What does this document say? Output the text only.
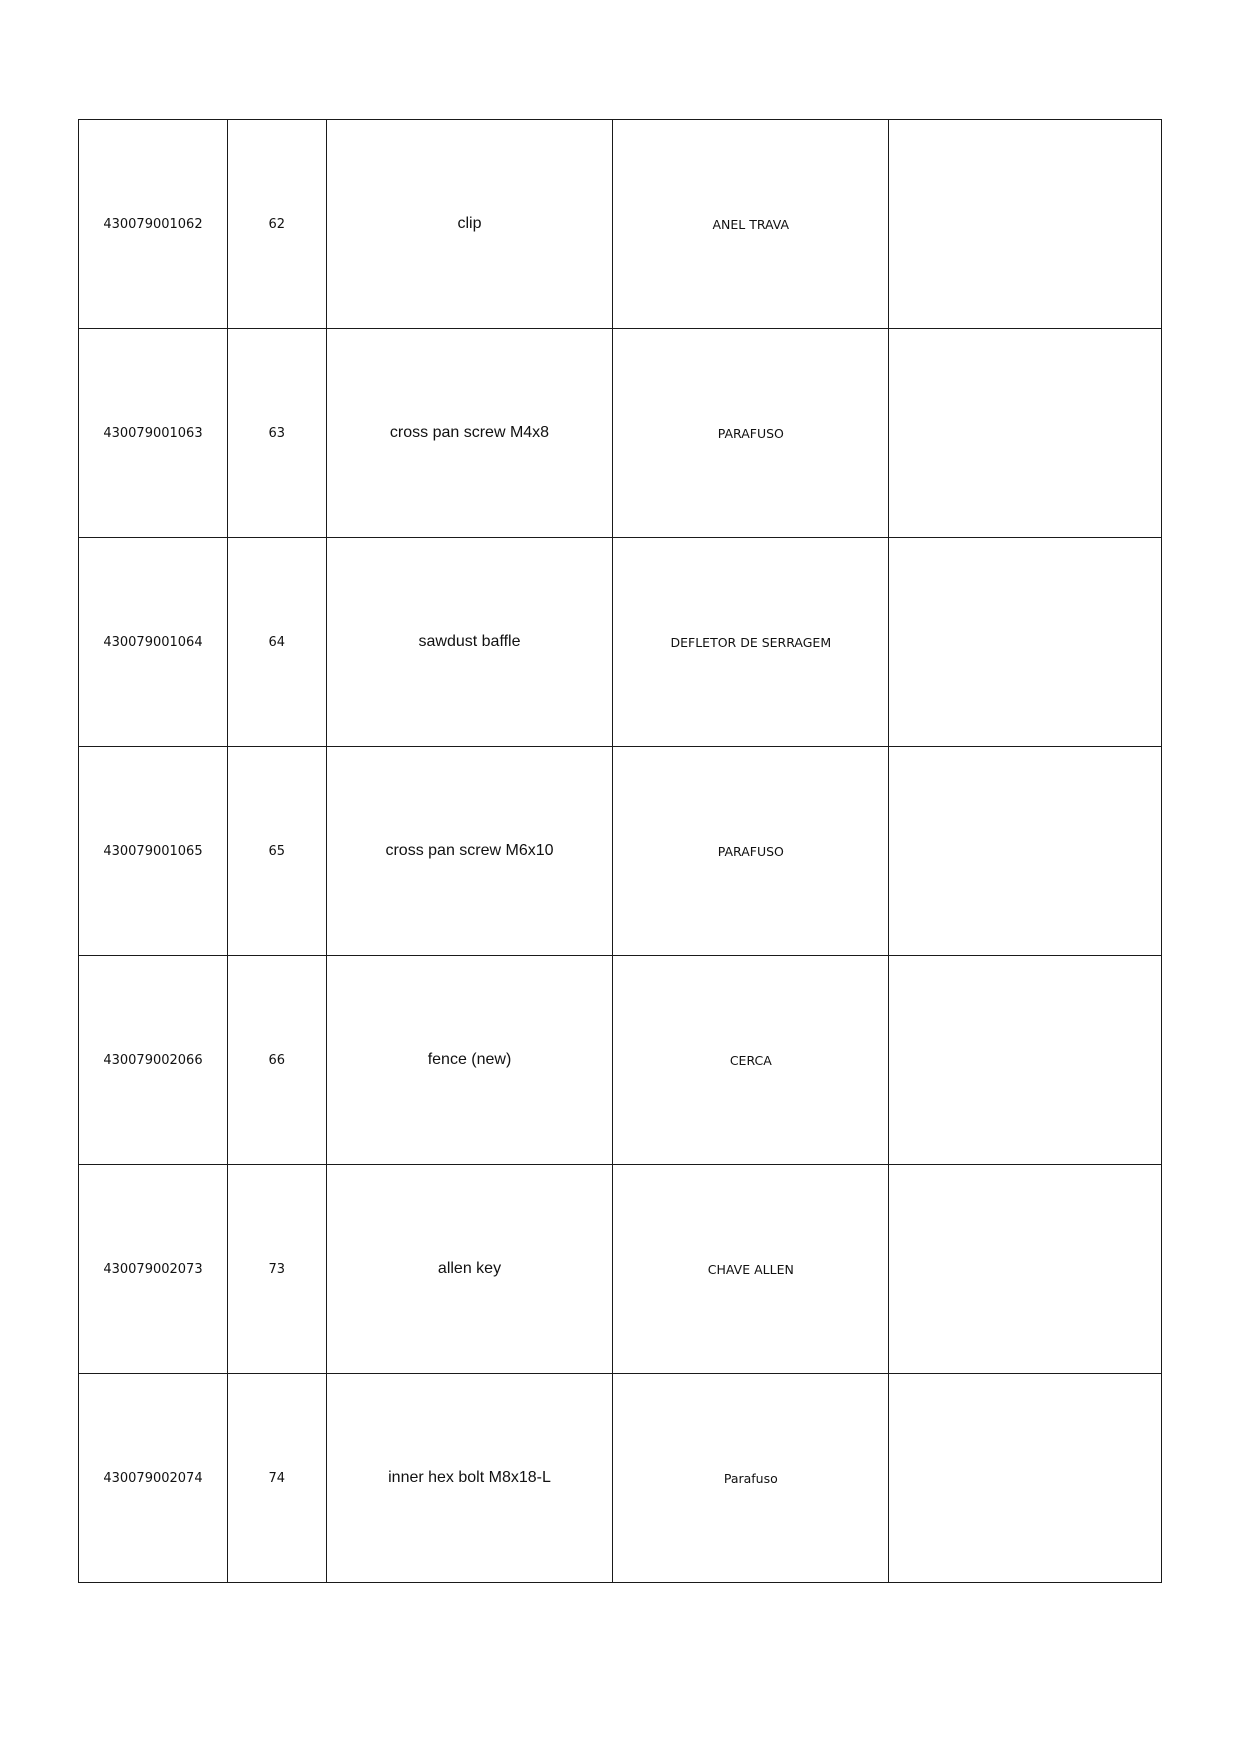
430079001062	62	clip	ANEL TRAVA	
430079001063	63	cross pan screw M4x8	PARAFUSO	
430079001064	64	sawdust baffle	DEFLETOR DE SERRAGEM	
430079001065	65	cross pan screw M6x10	PARAFUSO	
430079002066	66	fence (new)	CERCA	
430079002073	73	allen key	CHAVE ALLEN	
430079002074	74	inner hex bolt M8x18-L	Parafuso	
